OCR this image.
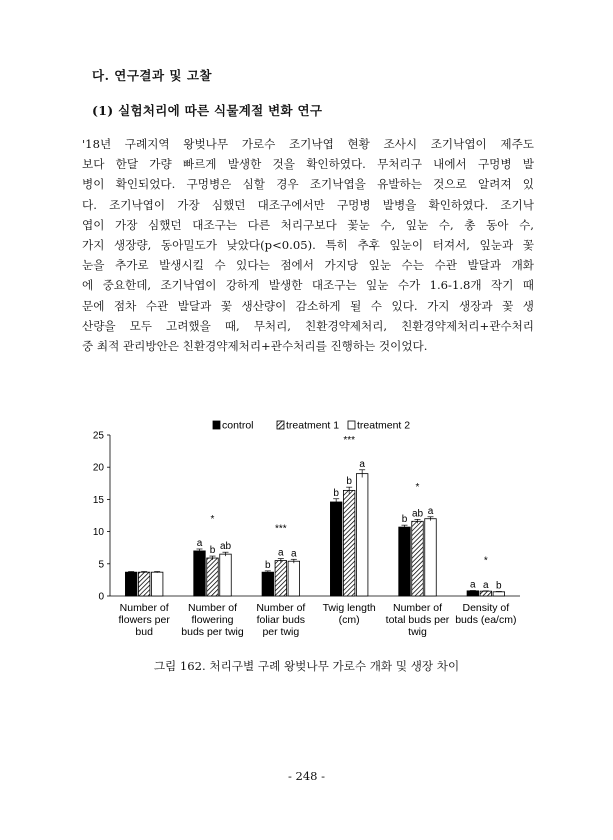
다. 연구결과 및 고찰
(1) 실험처리에 따른 식물계절 변화 연구
'18년 구례지역 왕벚나무 가로수 조기낙엽 현황 조사시 조기낙엽이 제주도
보다 한달 가량 빠르게 발생한 것을 확인하였다. 무처리구 내에서 구멍병 발
병이 확인되었다. 구멍병은 심할 경우 조기낙엽을 유발하는 것으로 알려져 있
다. 조기낙엽이 가장 심했던 대조구에서만 구멍병 발병을 확인하였다. 조기낙
엽이 가장 심했던 대조구는 다른 처리구보다 꽃눈 수, 잎눈 수, 총 동아 수,
가지 생장량, 동아밀도가 낮았다(p<0.05). 특히 추후 잎눈이 터져서, 잎눈과 꽃
눈을 추가로 발생시킬 수 있다는 점에서 가지당 잎눈 수는 수관 발달과 개화
에 중요한데, 조기낙엽이 강하게 발생한 대조구는 잎눈 수가 1.6-1.8개 작기 때
문에 점차 수관 발달과 꽃 생산량이 감소하게 될 수 있다. 가지 생장과 꽃 생
산량을 모두 고려했을 때, 무처리, 친환경약제처리, 친환경약제처리+관수처리
중 최적 관리방안은 친환경약제처리+관수처리를 진행하는 것이었다.
0
5
10
15
20
25
Number of
flowers per
bud
a
b ab
*
Number of
flowering
buds per twig
b
a a
***
Number of
foliar buds
per twig
b
b
a
***
Twig length
(cm)
b
ab a
*
Number of
total buds per
twig
a a b
*
Density of
buds (ea/cm)
control	treatment 1 treatment 2
그림 162. 처리구별 구례 왕벚나무 가로수 개화 및 생장 차이
- 248 -
